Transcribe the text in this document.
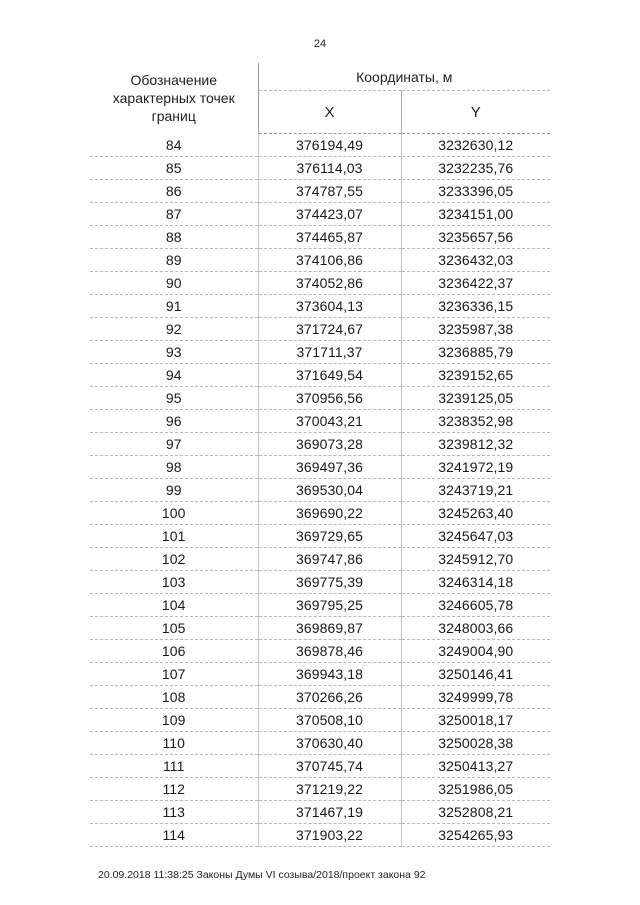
24
Обозначение характерных точек границ	Координаты, м	
	X	Y
84	376194,49	3232630,12
85	376114,03	3232235,76
86	374787,55	3233396,05
87	374423,07	3234151,00
88	374465,87	3235657,56
89	374106,86	3236432,03
90	374052,86	3236422,37
91	373604,13	3236336,15
92	371724,67	3235987,38
93	371711,37	3236885,79
94	371649,54	3239152,65
95	370956,56	3239125,05
96	370043,21	3238352,98
97	369073,28	3239812,32
98	369497,36	3241972,19
99	369530,04	3243719,21
100	369690,22	3245263,40
101	369729,65	3245647,03
102	369747,86	3245912,70
103	369775,39	3246314,18
104	369795,25	3246605,78
105	369869,87	3248003,66
106	369878,46	3249004,90
107	369943,18	3250146,41
108	370266,26	3249999,78
109	370508,10	3250018,17
110	370630,40	3250028,38
111	370745,74	3250413,27
112	371219,22	3251986,05
113	371467,19	3252808,21
114	371903,22	3254265,93
20.09.2018 11:38:25 Законы Думы VI созыва/2018/проект закона 92
